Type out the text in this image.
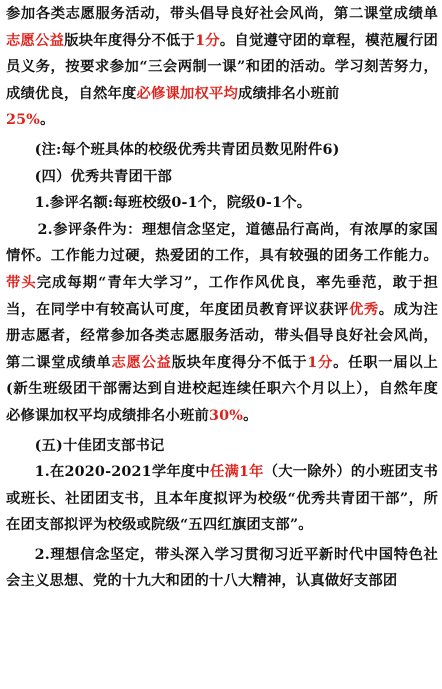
参加各类志愿服务活动，带头倡导良好社会风尚，第二课堂成绩单志愿公益版块年度得分不低于1分。自觉遵守团的章程，模范履行团员义务，按要求参加“三会两制一课”和团的活动。学习刻苦努力，成绩优良，自然年度必修课加权平均成绩排名小班前
25%。

(注:每个班具体的校级优秀共青团员数见附件6)

(四）优秀共青团干部

1.参评名额:每班校级0-1个，院级0-1个。

2.参评条件为：理想信念坚定，道德品行高尚，有浓厚的家国情怀。工作能力过硬，热爱团的工作，具有较强的团务工作能力。带头完成每期“青年大学习”，工作作风优良，率先垂范，敢于担当，在同学中有较高认可度，年度团员教育评议获评优秀。成为注册志愿者，经常参加各类志愿服务活动，带头倡导良好社会风尚，第二课堂成绩单志愿公益版块年度得分不低于1分。任职一届以上(新生班级团干部需达到自进校起连续任职六个月以上），自然年度必修课加权平均成绩排名小班前30%。

(五)十佳团支部书记

1.在2020-2021学年度中任满1年（大一除外）的小班团支书或班长、社团团支书，且本年度拟评为校级“优秀共青团干部”，所在团支部拟评为校级或院级“五四红旗团支部”。

2.理想信念坚定，带头深入学习贯彻习近平新时代中国特色社会主义思想、党的十九大和团的十八大精神，认真做好支部团
